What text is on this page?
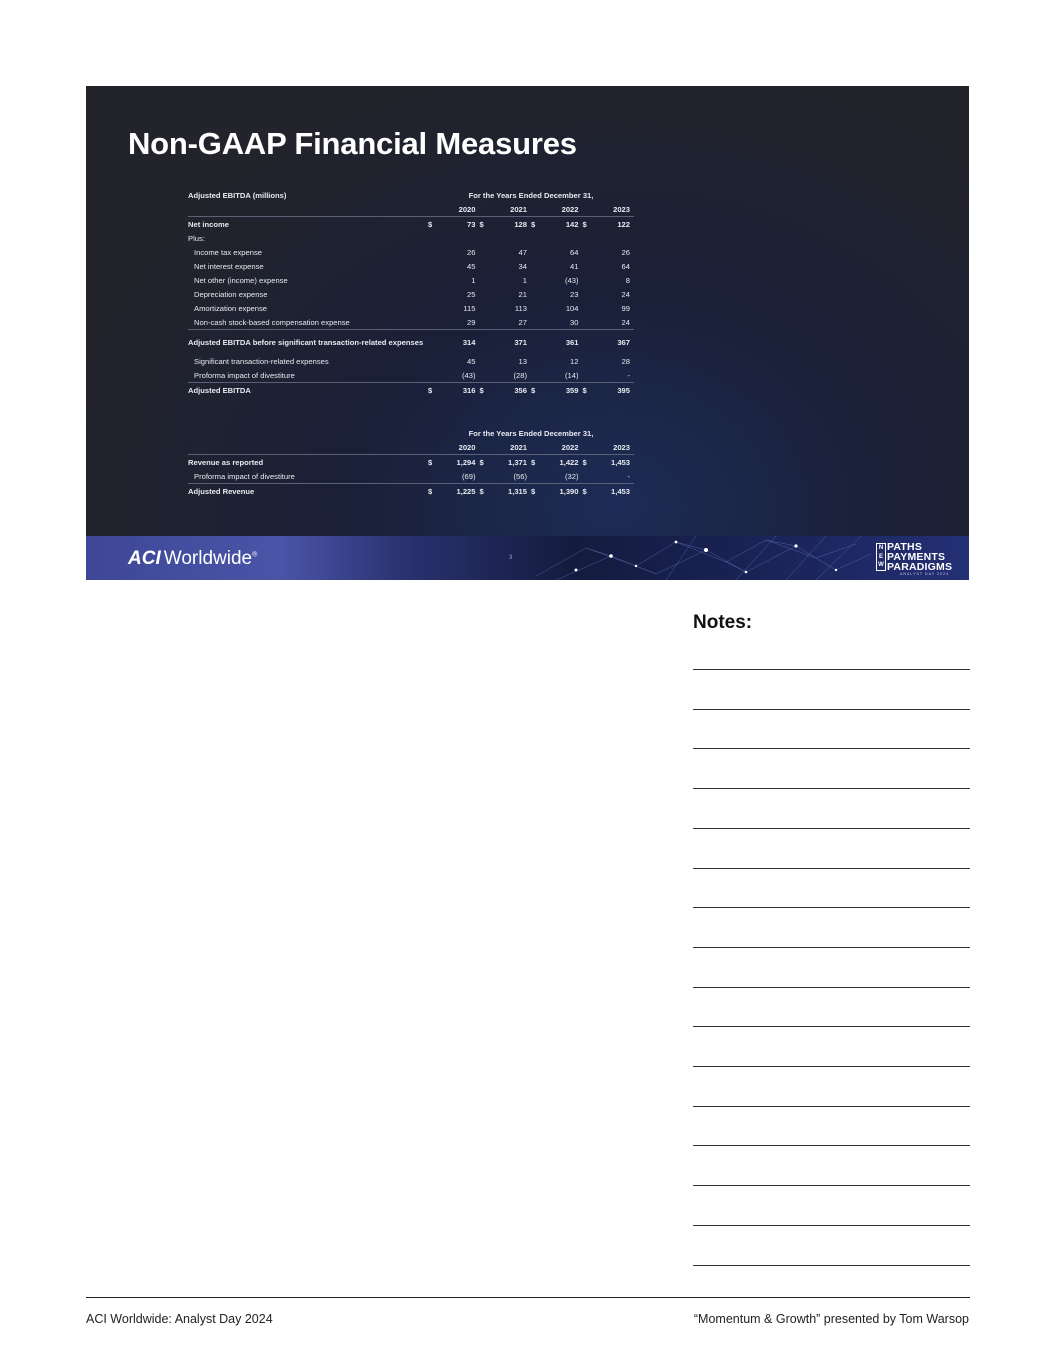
Non-GAAP Financial Measures
Adjusted EBITDA (millions)	For the Years Ended December 31,							
		2020		2021		2022		2023
Net income	$	73	$	128	$	142	$	122
Plus:								
Income tax expense		26		47		64		26
Net interest expense		45		34		41		64
Net other (income) expense		1		1		(43)		8
Depreciation expense		25		21		23		24
Amortization expense		115		113		104		99
Non-cash stock-based compensation expense		29		27		30		24
Adjusted EBITDA before significant transaction-related expenses		314		371		361		367
Significant transaction-related expenses		45		13		12		28
Proforma impact of divestiture		(43)		(28)		(14)		-
Adjusted EBITDA	$	316	$	356	$	359	$	395
	For the Years Ended December 31,							
		2020		2021		2022		2023
Revenue as reported	$	1,294	$	1,371	$	1,422	$	1,453
Proforma impact of divestiture		(69)		(56)		(32)		-
Adjusted Revenue	$	1,225	$	1,315	$	1,390	$	1,453
ACI Worldwide®	3
N
E
W
PATHS
PAYMENTS
PARADIGMS
ANALYST DAY 2024
Notes:
ACI Worldwide: Analyst Day 2024	“Momentum & Growth” presented by Tom Warsop
